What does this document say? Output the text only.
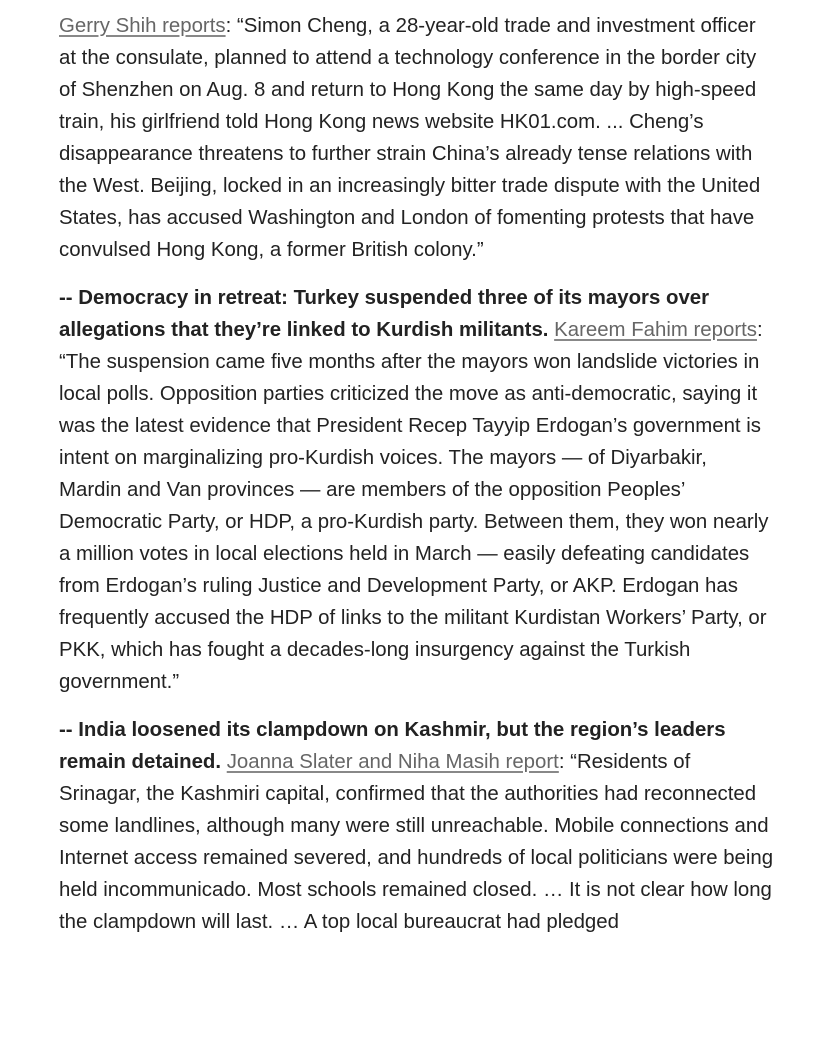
Gerry Shih reports: “Simon Cheng, a 28-year-old trade and investment officer at the consulate, planned to attend a technology conference in the border city of Shenzhen on Aug. 8 and return to Hong Kong the same day by high-speed train, his girlfriend told Hong Kong news website HK01.com. ... Cheng’s disappearance threatens to further strain China’s already tense relations with the West. Beijing, locked in an increasingly bitter trade dispute with the United States, has accused Washington and London of fomenting protests that have convulsed Hong Kong, a former British colony.”

-- Democracy in retreat: Turkey suspended three of its mayors over allegations that they’re linked to Kurdish militants. Kareem Fahim reports: “The suspension came five months after the mayors won landslide victories in local polls. Opposition parties criticized the move as anti-democratic, saying it was the latest evidence that President Recep Tayyip Erdogan’s government is intent on marginalizing pro-Kurdish voices. The mayors — of Diyarbakir, Mardin and Van provinces — are members of the opposition Peoples’ Democratic Party, or HDP, a pro-Kurdish party. Between them, they won nearly a million votes in local elections held in March — easily defeating candidates from Erdogan’s ruling Justice and Development Party, or AKP. Erdogan has frequently accused the HDP of links to the militant Kurdistan Workers’ Party, or PKK, which has fought a decades-long insurgency against the Turkish government.”

-- India loosened its clampdown on Kashmir, but the region’s leaders remain detained. Joanna Slater and Niha Masih report: “Residents of Srinagar, the Kashmiri capital, confirmed that the authorities had reconnected some landlines, although many were still unreachable. Mobile connections and Internet access remained severed, and hundreds of local politicians were being held incommunicado. Most schools remained closed. … It is not clear how long the clampdown will last. … A top local bureaucrat had pledged
